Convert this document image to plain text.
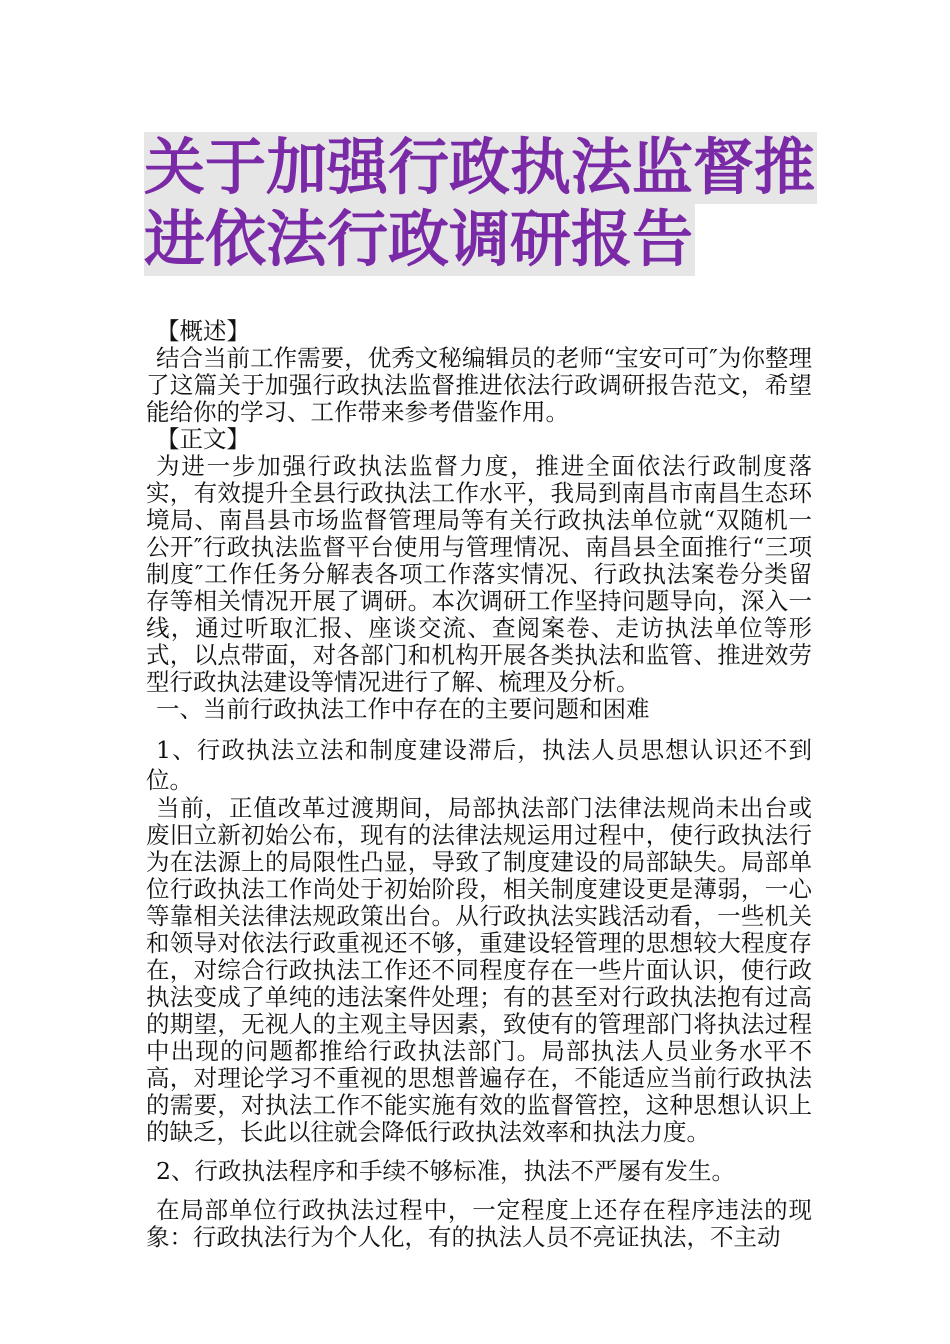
关于加强行政执法监督推
进依法行政调研报告

【概述】

结合当前工作需要，优秀文秘编辑员的老师“宝安可可″为你整理了这篇关于加强行政执法监督推进依法行政调研报告范文，希望能给你的学习、工作带来参考借鉴作用。

【正文】

为进一步加强行政执法监督力度，推进全面依法行政制度落实，有效提升全县行政执法工作水平，我局到南昌市南昌生态环境局、南昌县市场监督管理局等有关行政执法单位就“双随机一公开″行政执法监督平台使用与管理情况、南昌县全面推行“三项制度″工作任务分解表各项工作落实情况、行政执法案卷分类留存等相关情况开展了调研。本次调研工作坚持问题导向，深入一线，通过听取汇报、座谈交流、查阅案卷、走访执法单位等形式，以点带面，对各部门和机构开展各类执法和监管、推进效劳型行政执法建设等情况进行了解、梳理及分析。

一、当前行政执法工作中存在的主要问题和困难

1、行政执法立法和制度建设滞后，执法人员思想认识还不到位。

当前，正值改革过渡期间，局部执法部门法律法规尚未出台或废旧立新初始公布，现有的法律法规运用过程中，使行政执法行为在法源上的局限性凸显，导致了制度建设的局部缺失。局部单位行政执法工作尚处于初始阶段，相关制度建设更是薄弱，一心等靠相关法律法规政策出台。从行政执法实践活动看，一些机关和领导对依法行政重视还不够，重建设轻管理的思想较大程度存在，对综合行政执法工作还不同程度存在一些片面认识，使行政执法变成了单纯的违法案件处理；有的甚至对行政执法抱有过高的期望，无视人的主观主导因素，致使有的管理部门将执法过程中出现的问题都推给行政执法部门。局部执法人员业务水平不高，对理论学习不重视的思想普遍存在，不能适应当前行政执法的需要，对执法工作不能实施有效的监督管控，这种思想认识上的缺乏，长此以往就会降低行政执法效率和执法力度。

2、行政执法程序和手续不够标准，执法不严屡有发生。

在局部单位行政执法过程中，一定程度上还存在程序违法的现象：行政执法行为个人化，有的执法人员不亮证执法，不主动
